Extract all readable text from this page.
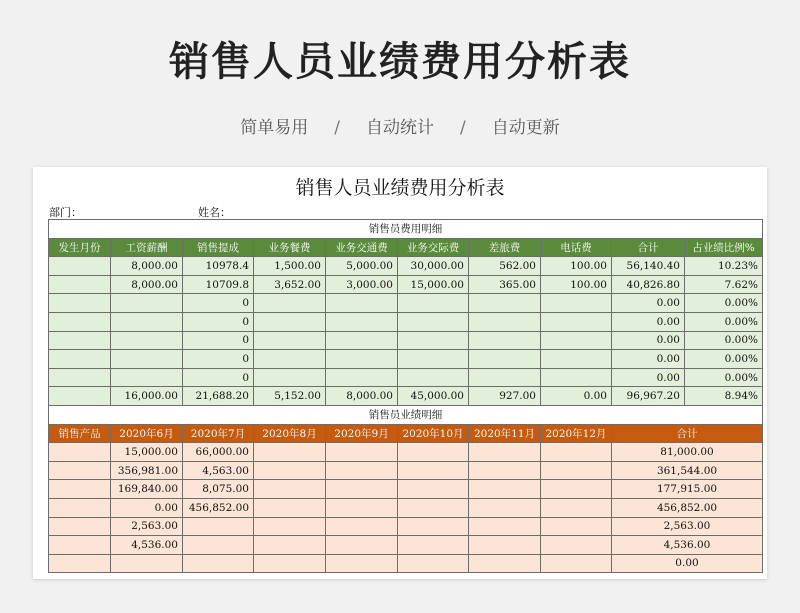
销售人员业绩费用分析表
简单易用 / 自动统计 / 自动更新
销售人员业绩费用分析表
部门：	姓名：
销售员费用明细									
发生月份	工资薪酬	销售提成	业务餐费	业务交通费	业务交际费	差旅费	电话费	合计	占业绩比例%
	8,000.00	10978.4	1,500.00	5,000.00	30,000.00	562.00	100.00	56,140.40	10.23%
	8,000.00	10709.8	3,652.00	3,000.00	15,000.00	365.00	100.00	40,826.80	7.62%
		0						0.00	0.00%
		0						0.00	0.00%
		0						0.00	0.00%
		0						0.00	0.00%
		0						0.00	0.00%
	16,000.00	21,688.20	5,152.00	8,000.00	45,000.00	927.00	0.00	96,967.20	8.94%
销售员业绩明细									
销售产品	2020年6月	2020年7月	2020年8月	2020年9月	2020年10月	2020年11月	2020年12月	合计	
	15,000.00	66,000.00						81,000.00	
	356,981.00	4,563.00						361,544.00	
	169,840.00	8,075.00						177,915.00	
	0.00	456,852.00						456,852.00	
	2,563.00							2,563.00	
	4,536.00							4,536.00	
								0.00	
